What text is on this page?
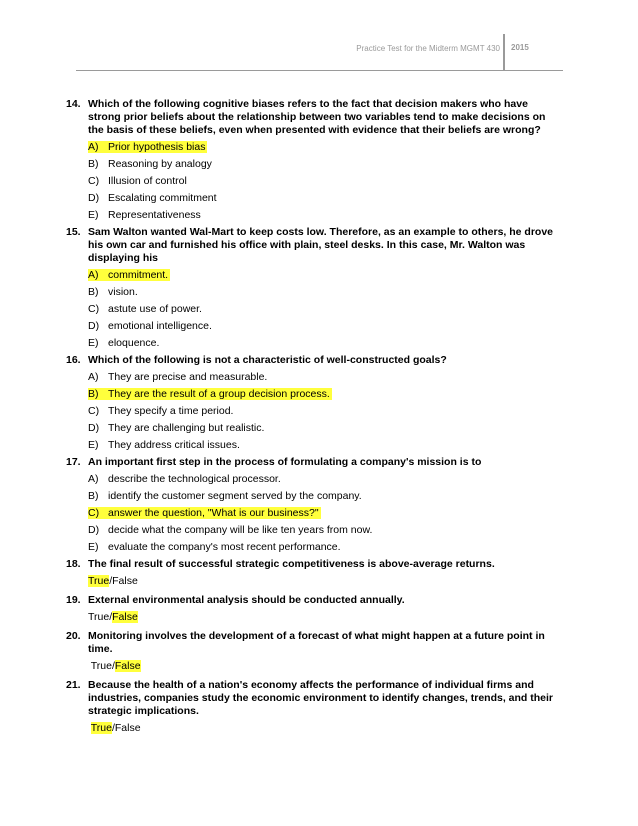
Practice Test for the Midterm MGMT 430 2015
14. Which of the following cognitive biases refers to the fact that decision makers who have strong prior beliefs about the relationship between two variables tend to make decisions on the basis of these beliefs, even when presented with evidence that their beliefs are wrong?
A) Prior hypothesis bias
B) Reasoning by analogy
C) Illusion of control
D) Escalating commitment
E) Representativeness
15. Sam Walton wanted Wal-Mart to keep costs low. Therefore, as an example to others, he drove his own car and furnished his office with plain, steel desks. In this case, Mr. Walton was displaying his
A) commitment.
B) vision.
C) astute use of power.
D) emotional intelligence.
E) eloquence.
16. Which of the following is not a characteristic of well-constructed goals?
A) They are precise and measurable.
B) They are the result of a group decision process.
C) They specify a time period.
D) They are challenging but realistic.
E) They address critical issues.
17. An important first step in the process of formulating a company's mission is to
A) describe the technological processor.
B) identify the customer segment served by the company.
C) answer the question, "What is our business?"
D) decide what the company will be like ten years from now.
E) evaluate the company's most recent performance.
18. The final result of successful strategic competitiveness is above-average returns.
True/False
19. External environmental analysis should be conducted annually.
True/False
20. Monitoring involves the development of a forecast of what might happen at a future point in time.
True/False
21. Because the health of a nation's economy affects the performance of individual firms and industries, companies study the economic environment to identify changes, trends, and their strategic implications.
True/False
